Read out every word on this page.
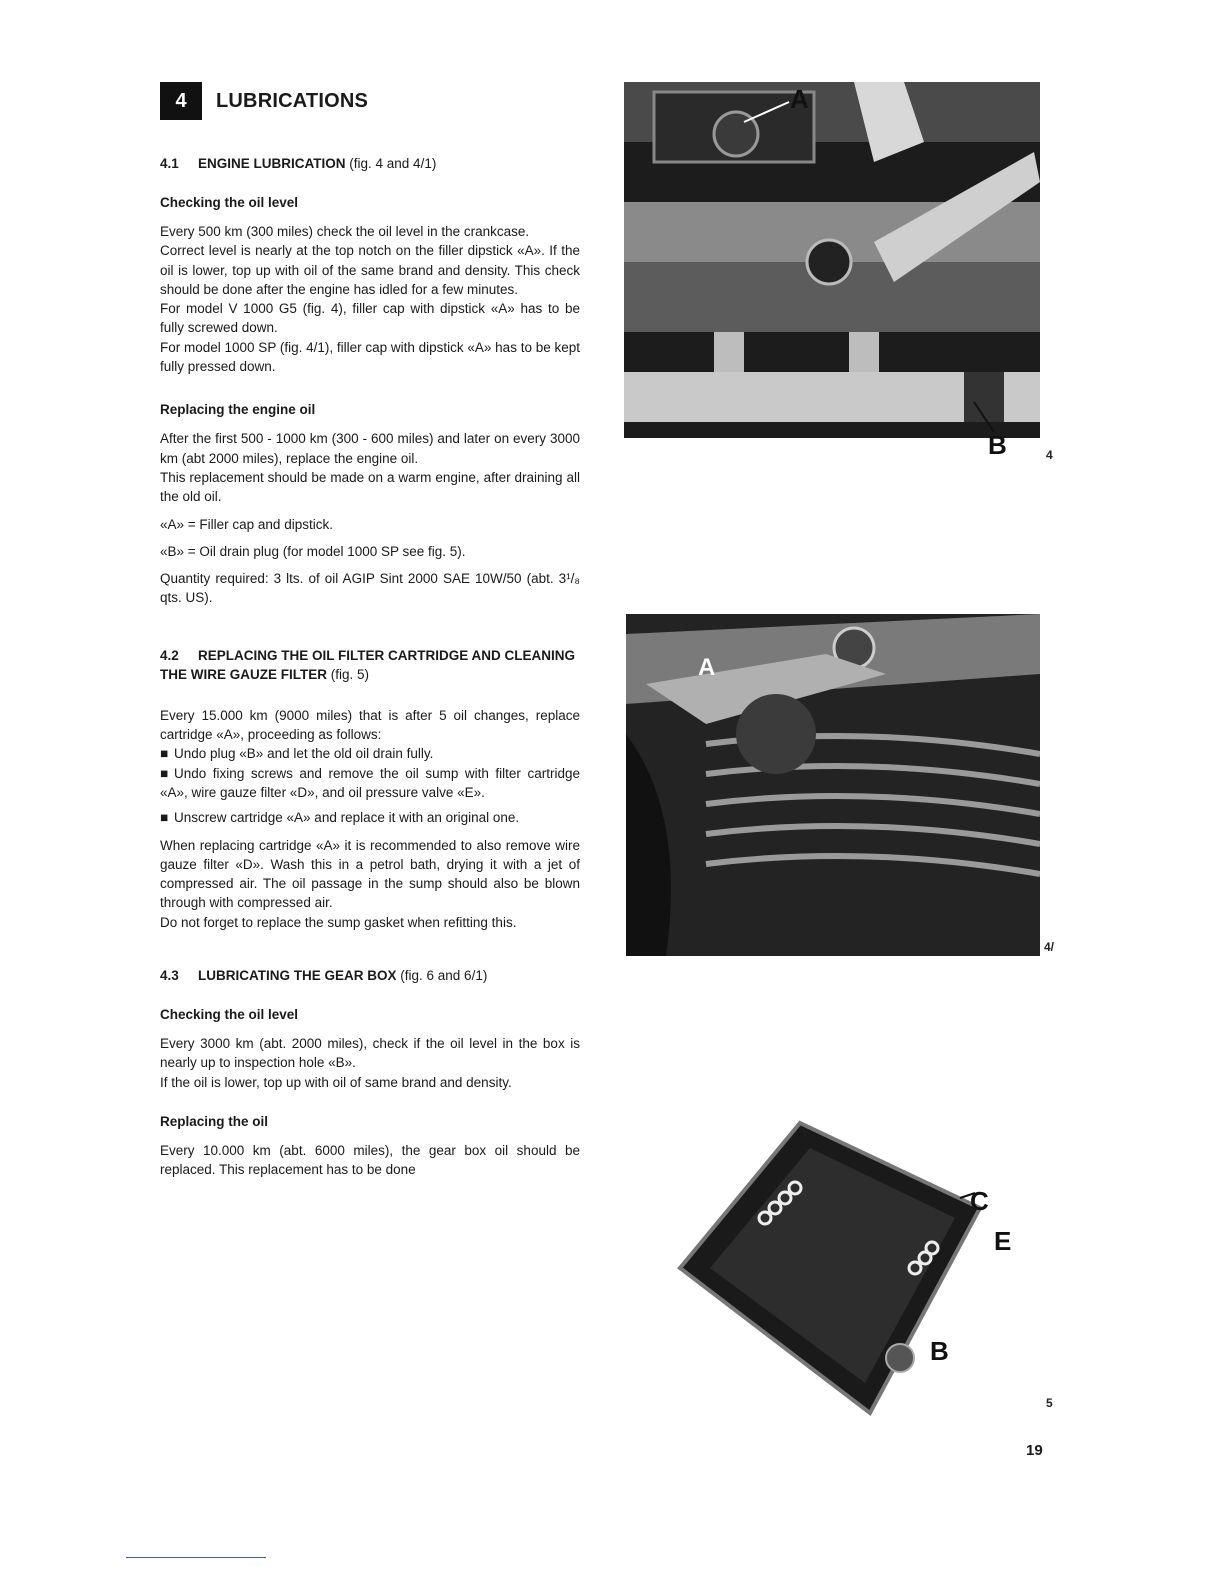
4	LUBRICATIONS
4.1 ENGINE LUBRICATION (fig. 4 and 4/1)
Checking the oil level

Every 500 km (300 miles) check the oil level in the crankcase.

Correct level is nearly at the top notch on the filler dipstick «A». If the oil is lower, top up with oil of the same brand and density. This check should be done after the engine has idled for a few minutes.

For model V 1000 G5 (fig. 4), filler cap with dipstick «A» has to be fully screwed down.

For model 1000 SP (fig. 4/1), filler cap with dipstick «A» has to be kept fully pressed down.

Replacing the engine oil

After the first 500 - 1000 km (300 - 600 miles) and later on every 3000 km (abt 2000 miles), replace the engine oil.

This replacement should be made on a warm engine, after draining all the old oil.

«A» = Filler cap and dipstick.

«B» = Oil drain plug (for model 1000 SP see fig. 5).

Quantity required: 3 lts. of oil AGIP Sint 2000 SAE 10W/50 (abt. 3¹/₈ qts. US).

4.2 REPLACING THE OIL FILTER CARTRIDGE AND CLEANING THE WIRE GAUZE FILTER (fig. 5)

Every 15.000 km (9000 miles) that is after 5 oil changes, replace cartridge «A», proceeding as follows:

■ Undo plug «B» and let the old oil drain fully.
■ Undo fixing screws and remove the oil sump with filter cartridge «A», wire gauze filter «D», and oil pressure valve «E».
■ Unscrew cartridge «A» and replace it with an original one.

When replacing cartridge «A» it is recommended to also remove wire gauze filter «D». Wash this in a petrol bath, drying it with a jet of compressed air. The oil passage in the sump should also be blown through with compressed air.

Do not forget to replace the sump gasket when refitting this.

4.3 LUBRICATING THE GEAR BOX (fig. 6 and 6/1)
Checking the oil level

Every 3000 km (abt. 2000 miles), check if the oil level in the box is nearly up to inspection hole «B».

If the oil is lower, top up with oil of same brand and density.

Replacing the oil

Every 10.000 km (abt. 6000 miles), the gear box oil should be replaced. This replacement has to be done

A
B	4
A
4/
C
E
B
5
19
